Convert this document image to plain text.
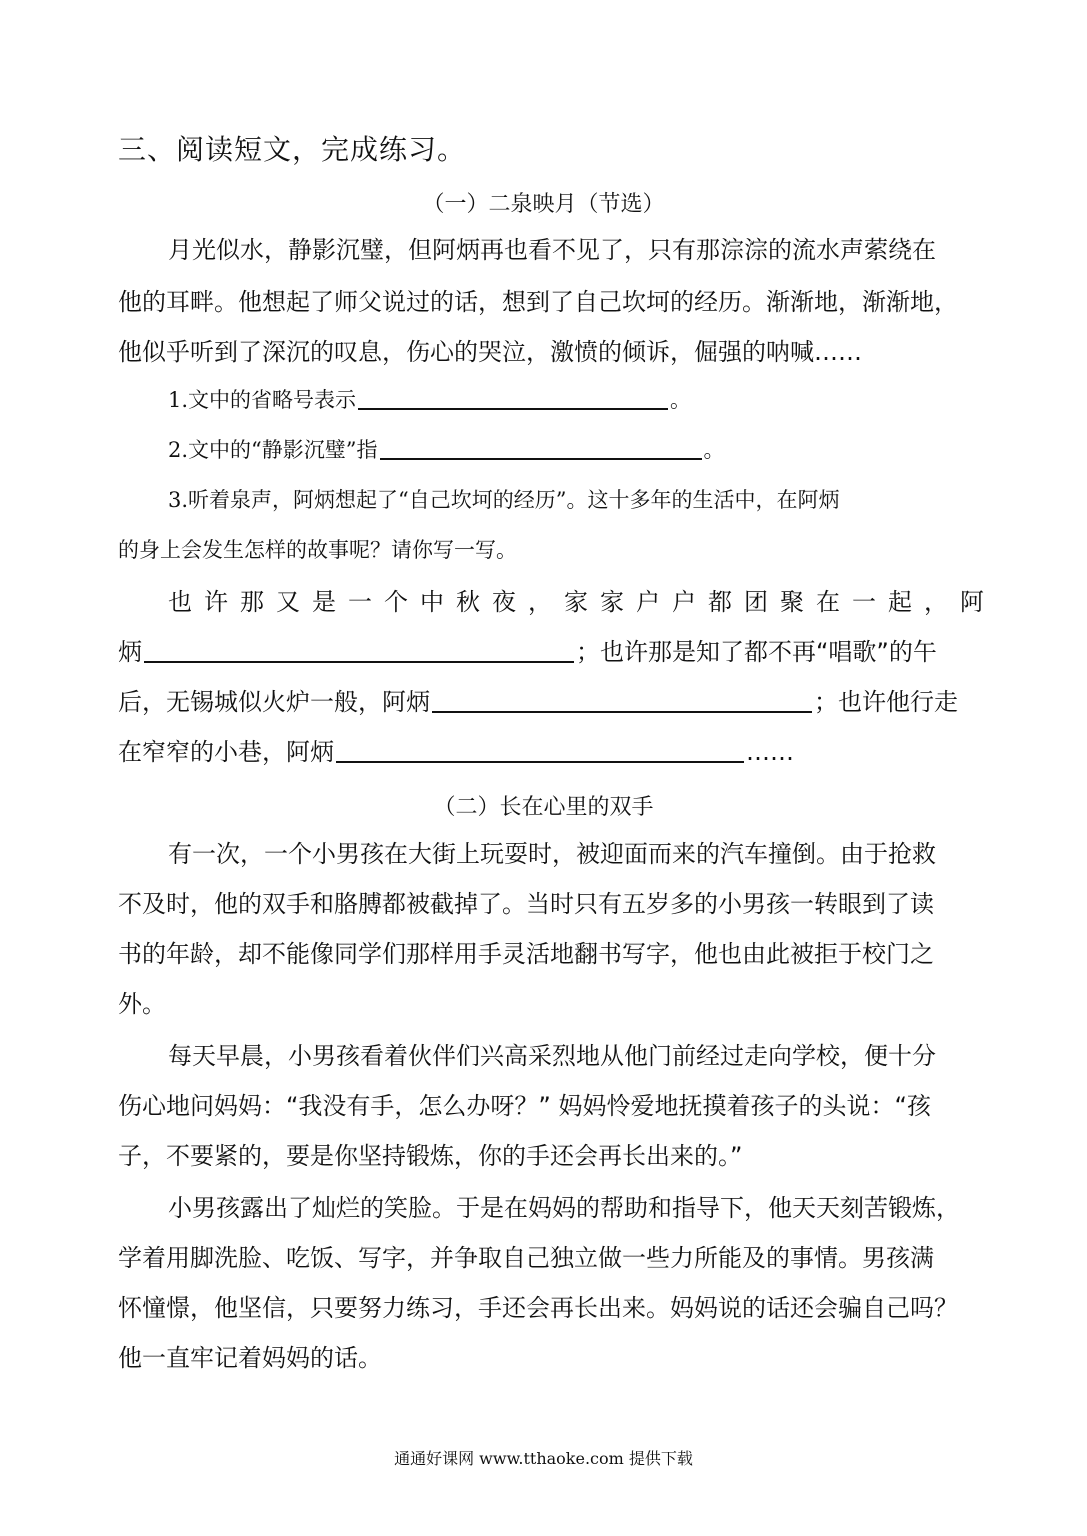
三、阅读短文，完成练习。
（一）二泉映月（节选）
月光似水，静影沉璧，但阿炳再也看不见了，只有那淙淙的流水声萦绕在
他的耳畔。他想起了师父说过的话，想到了自己坎坷的经历。渐渐地，渐渐地，
他似乎听到了深沉的叹息，伤心的哭泣，激愤的倾诉，倔强的呐喊……
1.文中的省略号表示	。
2.文中的“静影沉璧”指	。
3.听着泉声，阿炳想起了“自己坎坷的经历”。这十多年的生活中，在阿炳
的身上会发生怎样的故事呢？请你写一写。
也许那又是一个中秋夜，家家户户都团聚在一起，阿
炳	；也许那是知了都不再“唱歌”的午
后，无锡城似火炉一般，阿炳	；也许他行走
在窄窄的小巷，阿炳	……
（二）长在心里的双手
有一次，一个小男孩在大街上玩耍时，被迎面而来的汽车撞倒。由于抢救
不及时，他的双手和胳膊都被截掉了。当时只有五岁多的小男孩一转眼到了读
书的年龄，却不能像同学们那样用手灵活地翻书写字，他也由此被拒于校门之
外。
每天早晨，小男孩看着伙伴们兴高采烈地从他门前经过走向学校，便十分
伤心地问妈妈：“我没有手，怎么办呀？” 妈妈怜爱地抚摸着孩子的头说：“孩
子，不要紧的，要是你坚持锻炼，你的手还会再长出来的。”
小男孩露出了灿烂的笑脸。于是在妈妈的帮助和指导下，他天天刻苦锻炼，
学着用脚洗脸、吃饭、写字，并争取自己独立做一些力所能及的事情。男孩满
怀憧憬，他坚信，只要努力练习，手还会再长出来。妈妈说的话还会骗自己吗？
他一直牢记着妈妈的话。
通通好课网 www.tthaoke.com 提供下载
